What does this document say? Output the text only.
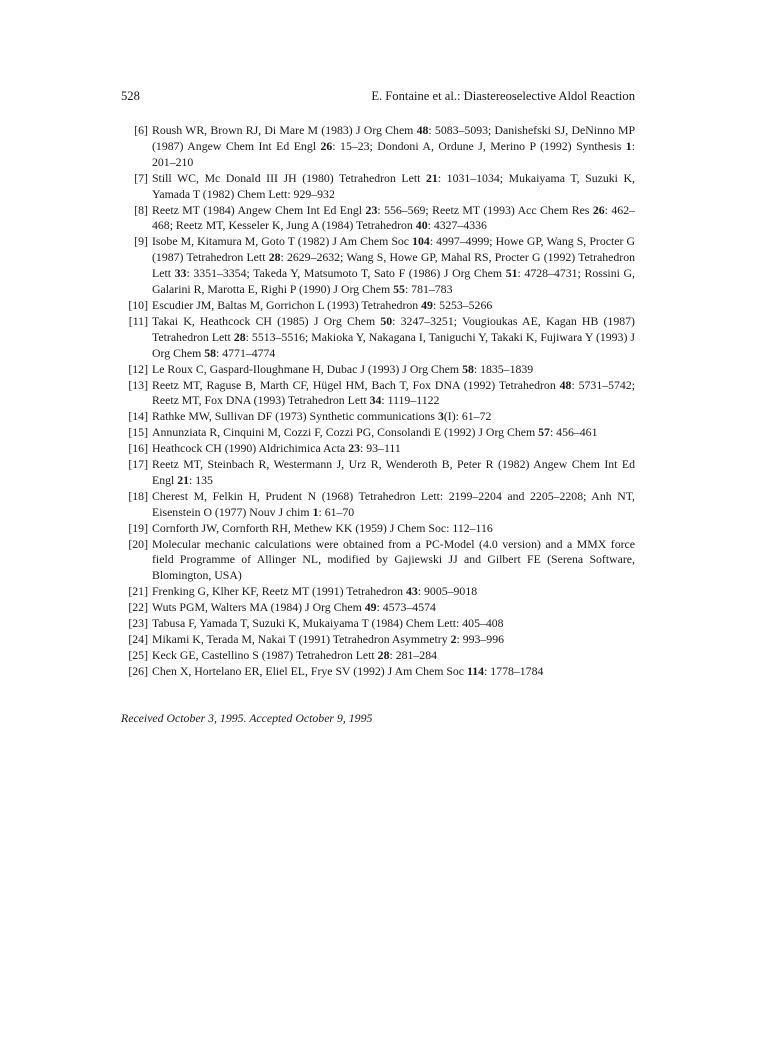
528	E. Fontaine et al.: Diastereoselective Aldol Reaction
[6] Roush WR, Brown RJ, Di Mare M (1983) J Org Chem 48: 5083–5093; Danishefski SJ, DeNinno MP (1987) Angew Chem Int Ed Engl 26: 15–23; Dondoni A, Ordune J, Merino P (1992) Synthesis 1: 201–210
[7] Still WC, Mc Donald III JH (1980) Tetrahedron Lett 21: 1031–1034; Mukaiyama T, Suzuki K, Yamada T (1982) Chem Lett: 929–932
[8] Reetz MT (1984) Angew Chem Int Ed Engl 23: 556–569; Reetz MT (1993) Acc Chem Res 26: 462–468; Reetz MT, Kesseler K, Jung A (1984) Tetrahedron 40: 4327–4336
[9] Isobe M, Kitamura M, Goto T (1982) J Am Chem Soc 104: 4997–4999; Howe GP, Wang S, Procter G (1987) Tetrahedron Lett 28: 2629–2632; Wang S, Howe GP, Mahal RS, Procter G (1992) Tetrahedron Lett 33: 3351–3354; Takeda Y, Matsumoto T, Sato F (1986) J Org Chem 51: 4728–4731; Rossini G, Galarini R, Marotta E, Righi P (1990) J Org Chem 55: 781–783
[10] Escudier JM, Baltas M, Gorrichon L (1993) Tetrahedron 49: 5253–5266
[11] Takai K, Heathcock CH (1985) J Org Chem 50: 3247–3251; Vougioukas AE, Kagan HB (1987) Tetrahedron Lett 28: 5513–5516; Makioka Y, Nakagana I, Taniguchi Y, Takaki K, Fujiwara Y (1993) J Org Chem 58: 4771–4774
[12] Le Roux C, Gaspard-Iloughmane H, Dubac J (1993) J Org Chem 58: 1835–1839
[13] Reetz MT, Raguse B, Marth CF, Hügel HM, Bach T, Fox DNA (1992) Tetrahedron 48: 5731–5742; Reetz MT, Fox DNA (1993) Tetrahedron Lett 34: 1119–1122
[14] Rathke MW, Sullivan DF (1973) Synthetic communications 3(I): 61–72
[15] Annunziata R, Cinquini M, Cozzi F, Cozzi PG, Consolandi E (1992) J Org Chem 57: 456–461
[16] Heathcock CH (1990) Aldrichimica Acta 23: 93–111
[17] Reetz MT, Steinbach R, Westermann J, Urz R, Wenderoth B, Peter R (1982) Angew Chem Int Ed Engl 21: 135
[18] Cherest M, Felkin H, Prudent N (1968) Tetrahedron Lett: 2199–2204 and 2205–2208; Anh NT, Eisenstein O (1977) Nouv J chim 1: 61–70
[19] Cornforth JW, Cornforth RH, Methew KK (1959) J Chem Soc: 112–116
[20] Molecular mechanic calculations were obtained from a PC-Model (4.0 version) and a MMX force field Programme of Allinger NL, modified by Gajiewski JJ and Gilbert FE (Serena Software, Blomington, USA)
[21] Frenking G, Klher KF, Reetz MT (1991) Tetrahedron 43: 9005–9018
[22] Wuts PGM, Walters MA (1984) J Org Chem 49: 4573–4574
[23] Tabusa F, Yamada T, Suzuki K, Mukaiyama T (1984) Chem Lett: 405–408
[24] Mikami K, Terada M, Nakai T (1991) Tetrahedron Asymmetry 2: 993–996
[25] Keck GE, Castellino S (1987) Tetrahedron Lett 28: 281–284
[26] Chen X, Hortelano ER, Eliel EL, Frye SV (1992) J Am Chem Soc 114: 1778–1784
Received October 3, 1995. Accepted October 9, 1995
